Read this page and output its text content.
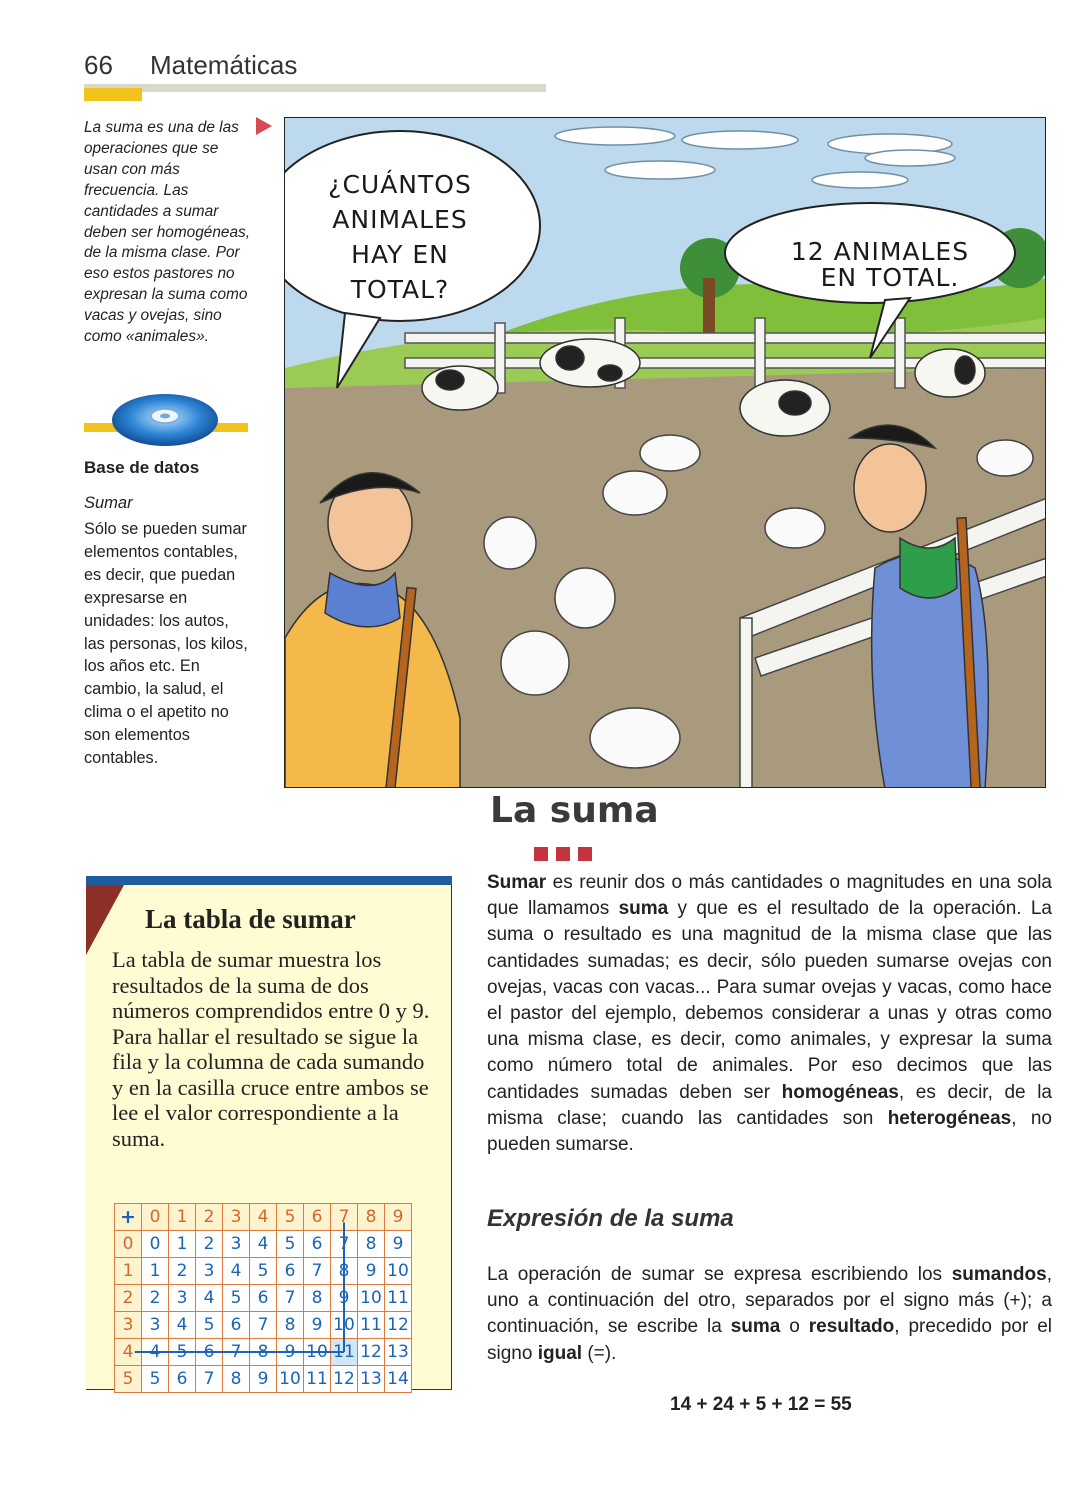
66 Matemáticas
La suma es una de las operaciones que se usan con más frecuencia. Las cantidades a sumar deben ser homogéneas, de la misma clase. Por eso estos pastores no expresan la suma como vacas y ovejas, sino como «animales».
Base de datos
Sumar
Sólo se pueden sumar elementos contables, es decir, que puedan expresarse en unidades: los autos, las personas, los kilos, los años etc. En cambio, la salud, el clima o el apetito no son elementos contables.
¿CUÁNTOS
ANIMALES
HAY EN
TOTAL?
12 ANIMALES
EN TOTAL.
La suma
Sumar es reunir dos o más cantidades o magnitudes en una sola que llamamos suma y que es el resultado de la operación. La suma o resultado es una magnitud de la misma clase que las cantidades sumadas; es decir, sólo pueden sumarse ovejas con ovejas, vacas con vacas... Para sumar ovejas y vacas, como hace el pastor del ejemplo, debemos considerar a unas y otras como una misma clase, es decir, como animales, y expresar la suma como número total de animales. Por eso decimos que las cantidades sumadas deben ser homogéneas, es decir, de la misma clase; cuando las cantidades son heterogéneas, no pueden sumarse.
Expresión de la suma
La operación de sumar se expresa escribiendo los sumandos, uno a continuación del otro, separados por el signo más (+); a continuación, se escribe la suma o resultado, precedido por el signo igual (=).
14 + 24 + 5 + 12 = 55
La tabla de sumar
La tabla de sumar muestra los resultados de la suma de dos números comprendidos entre 0 y 9. Para hallar el resultado se sigue la fila y la columna de cada sumando y en la casilla cruce entre ambos se lee el valor correspondiente a la suma.
+	0	1	2	3	4	5	6	7	8	9
0	0	1	2	3	4	5	6	7	8	9
1	1	2	3	4	5	6	7	8	9	10
2	2	3	4	5	6	7	8	9	10	11
3	3	4	5	6	7	8	9	10	11	12
4	4	5	6	7	8	9	10	11	12	13
5	5	6	7	8	9	10	11	12	13	14
